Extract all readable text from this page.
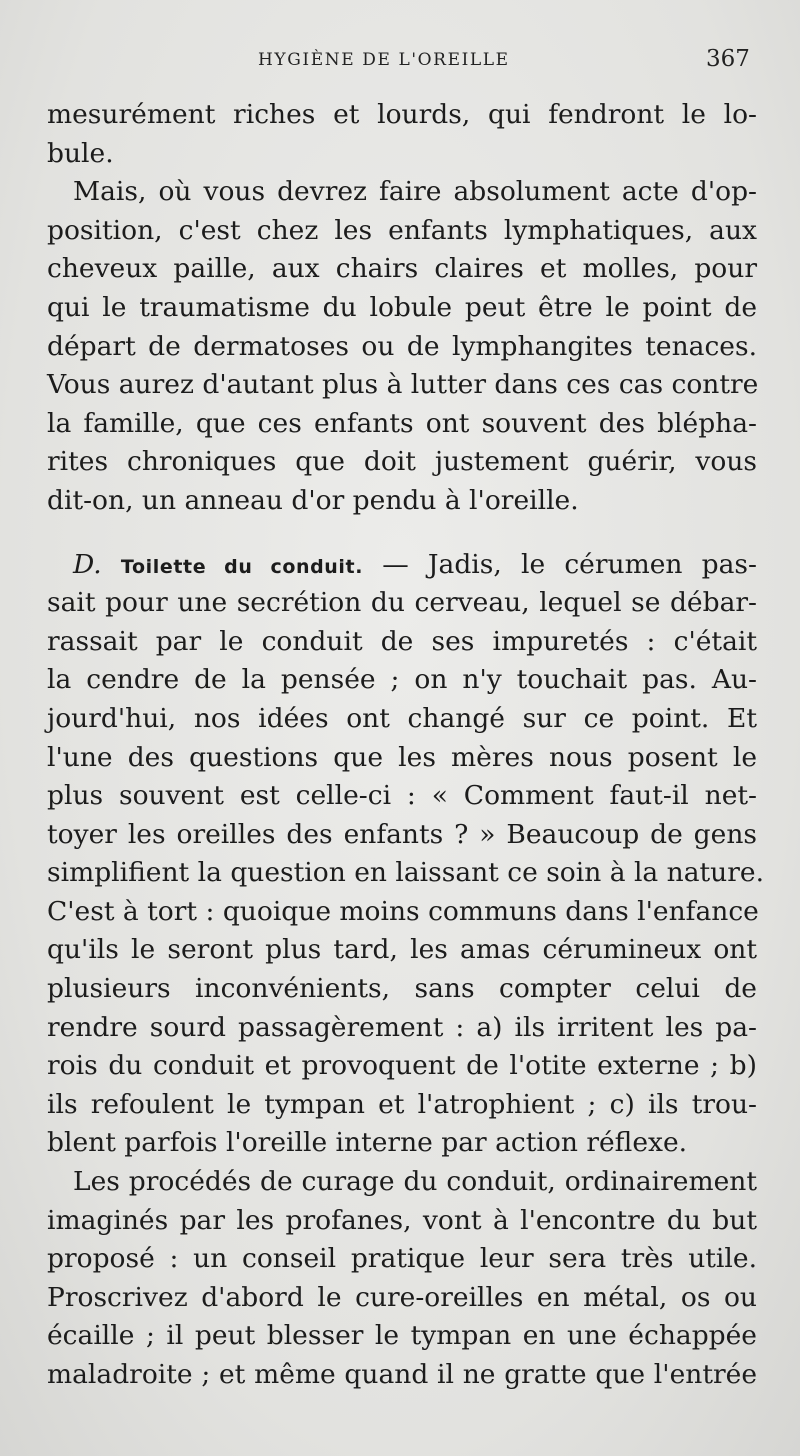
HYGIÈNE DE L'OREILLE	367
mesurément riches et lourds, qui fendront le lo-
bule.
Mais, où vous devrez faire absolument acte d'op-
position, c'est chez les enfants lymphatiques, aux
cheveux paille, aux chairs claires et molles, pour
qui le traumatisme du lobule peut être le point de
départ de dermatoses ou de lymphangites tenaces.
Vous aurez d'autant plus à lutter dans ces cas contre
la famille, que ces enfants ont souvent des blépha-
rites chroniques que doit justement guérir, vous
dit-on, un anneau d'or pendu à l'oreille.
D. Toilette du conduit. — Jadis, le cérumen pas-
sait pour une secrétion du cerveau, lequel se débar-
rassait par le conduit de ses impuretés : c'était
la cendre de la pensée ; on n'y touchait pas. Au-
jourd'hui, nos idées ont changé sur ce point. Et
l'une des questions que les mères nous posent le
plus souvent est celle-ci : « Comment faut-il net-
toyer les oreilles des enfants ? » Beaucoup de gens
simplifient la question en laissant ce soin à la nature.
C'est à tort : quoique moins communs dans l'enfance
qu'ils le seront plus tard, les amas cérumineux ont
plusieurs inconvénients, sans compter celui de
rendre sourd passagèrement : a) ils irritent les pa-
rois du conduit et provoquent de l'otite externe ; b)
ils refoulent le tympan et l'atrophient ; c) ils trou-
blent parfois l'oreille interne par action réflexe.
Les procédés de curage du conduit, ordinairement
imaginés par les profanes, vont à l'encontre du but
proposé : un conseil pratique leur sera très utile.
Proscrivez d'abord le cure-oreilles en métal, os ou
écaille ; il peut blesser le tympan en une échappée
maladroite ; et même quand il ne gratte que l'entrée
